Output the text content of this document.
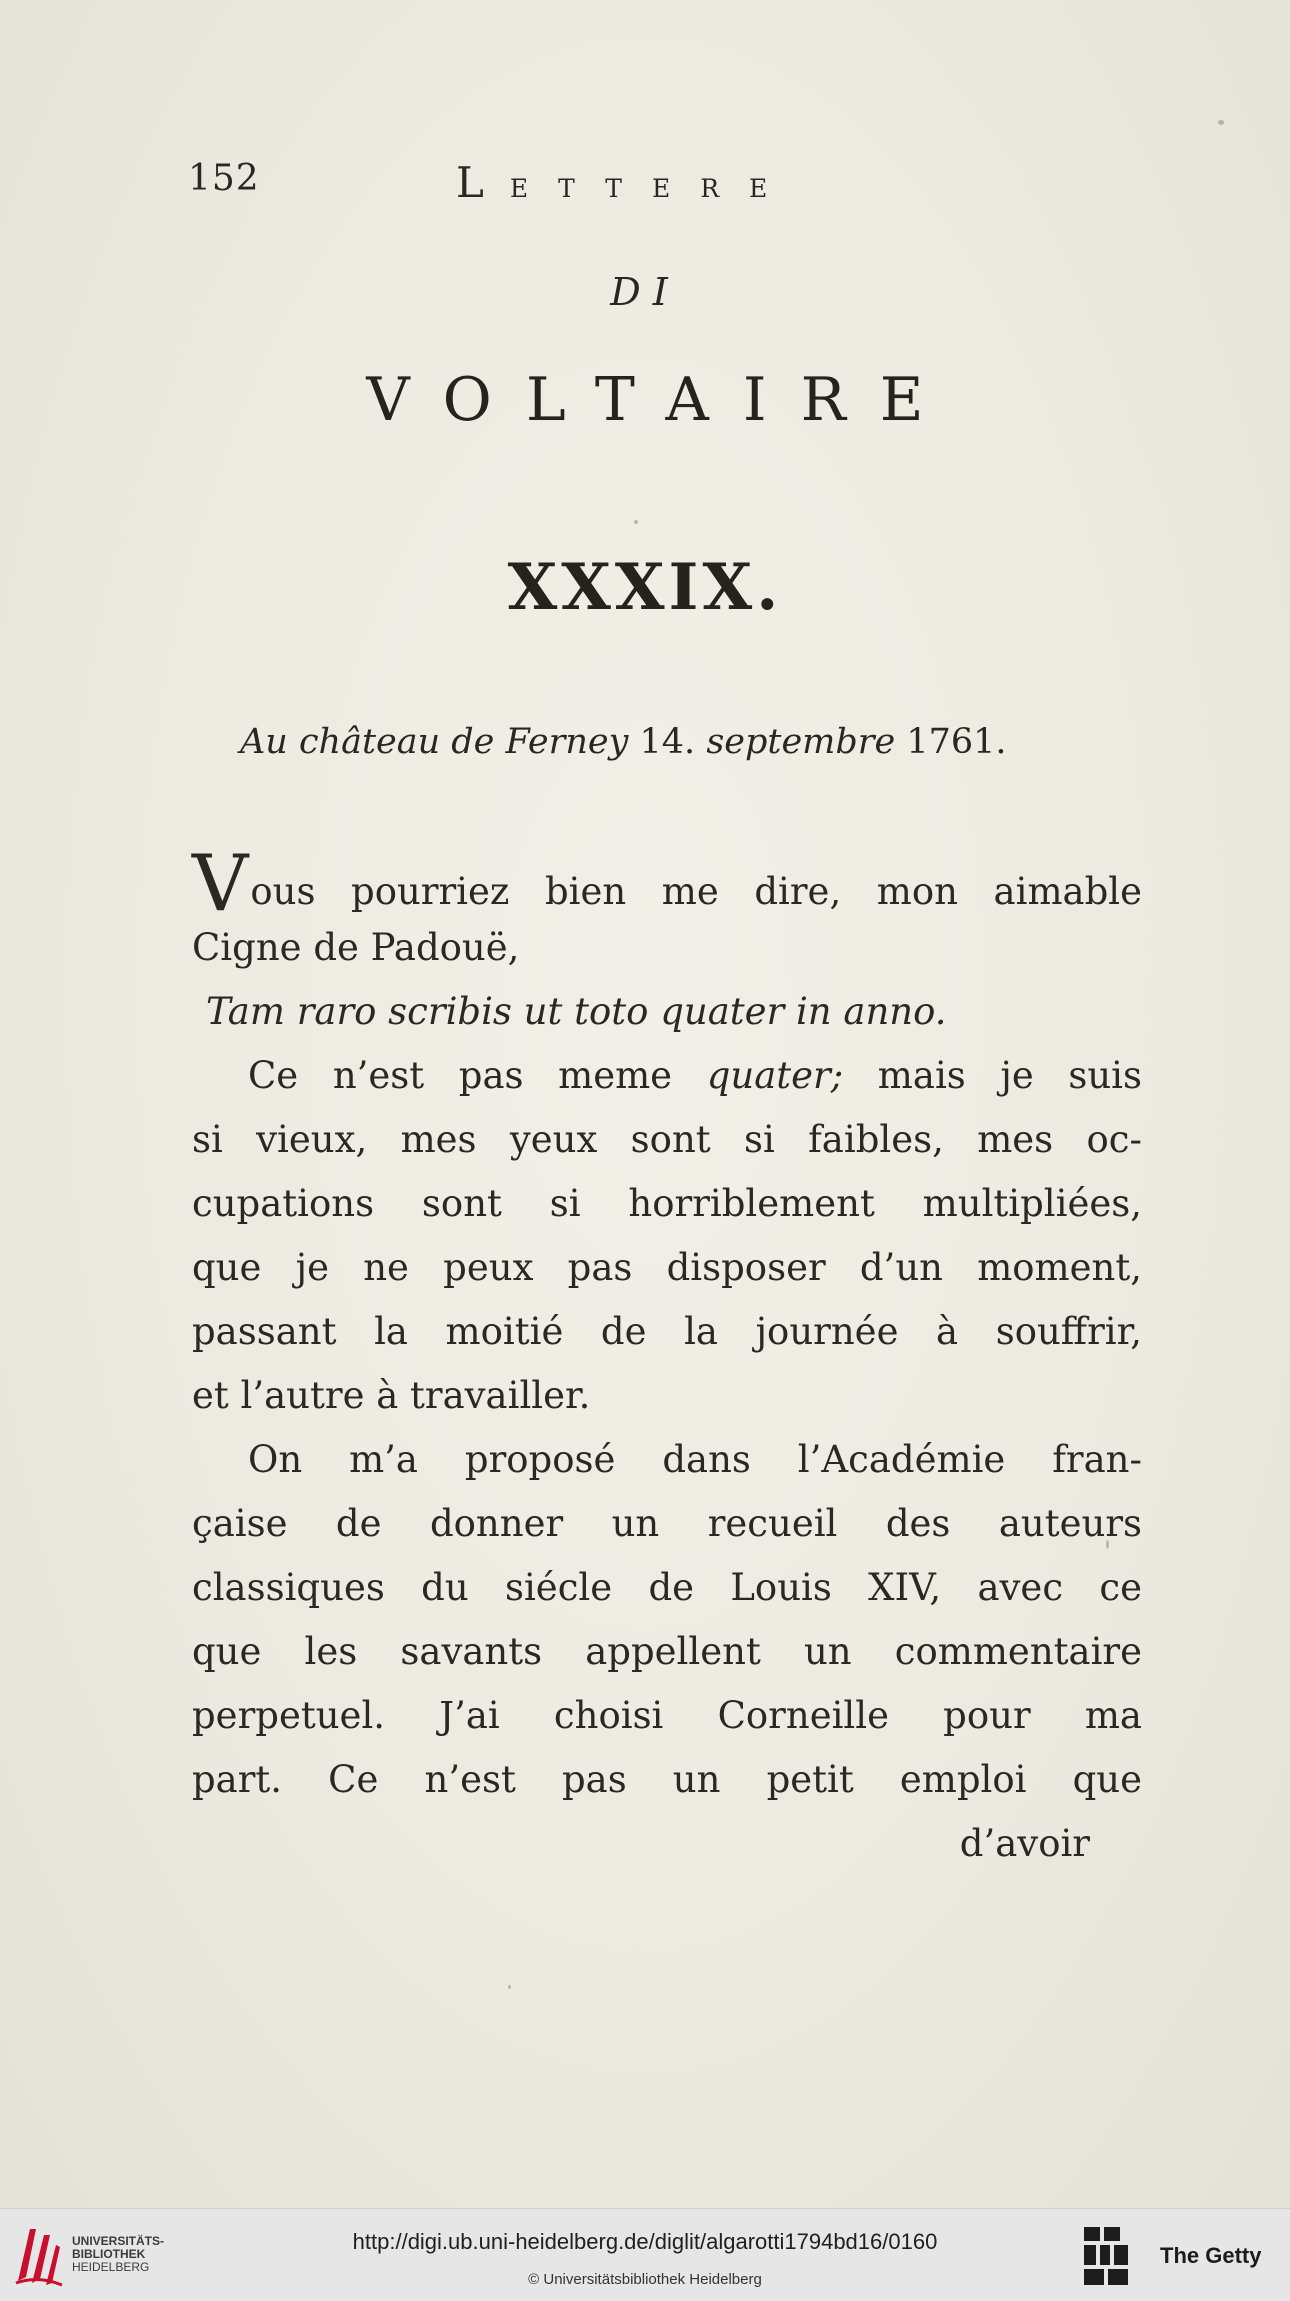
152	L ETTERE
DI
VOLTAIRE
XXXIX.
Au château de Ferney 14. septembre 1761.
Vous pourriez bien me dire, mon aimable
Cigne de Padouë,
Tam raro scribis ut toto quater in anno.
Ce n’est pas meme quater; mais je suis
si vieux, mes yeux sont si faibles, mes oc-
cupations sont si horriblement multipliées,
que je ne peux pas disposer d’un moment,
passant la moitié de la journée à souffrir,
et l’autre à travailler.
On m’a proposé dans l’Académie fran-
çaise de donner un recueil des auteurs
classiques du siécle de Louis XIV, avec ce
que les savants appellent un commentaire
perpetuel. J’ai choisi Corneille pour ma
part. Ce n’est pas un petit emploi que
d’avoir
UNIVERSITÄTS-
BIBLIOTHEK
HEIDELBERG
http://digi.ub.uni-heidelberg.de/diglit/algarotti1794bd16/0160
© Universitätsbibliothek Heidelberg
The Getty
